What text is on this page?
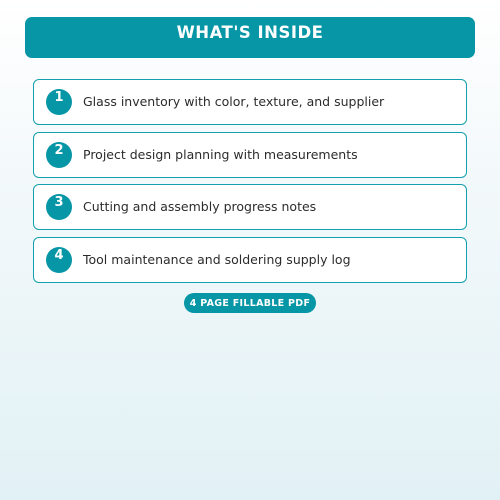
WHAT'S INSIDE
1 Glass inventory with color, texture, and supplier
2 Project design planning with measurements
3 Cutting and assembly progress notes
4 Tool maintenance and soldering supply log
4 PAGE FILLABLE PDF
